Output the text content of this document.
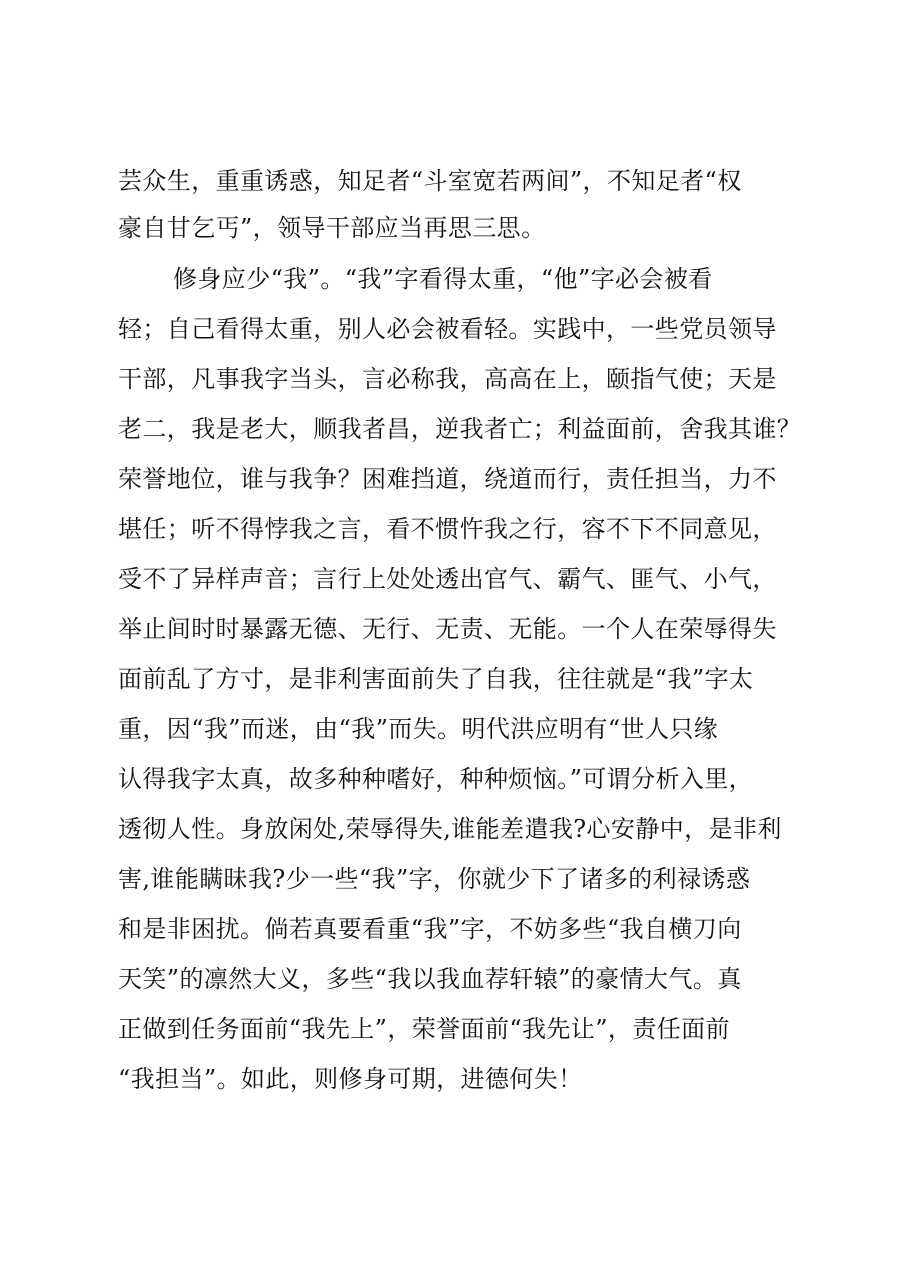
芸众生，重重诱惑，知足者“斗室宽若两间”，不知足者“权
豪自甘乞丐”，领导干部应当再思三思。
修身应少“我”。“我”字看得太重，“他”字必会被看
轻；自己看得太重，别人必会被看轻。实践中，一些党员领导
干部，凡事我字当头，言必称我，高高在上，颐指气使；天是
老二，我是老大，顺我者昌，逆我者亡；利益面前，舍我其谁？
荣誉地位，谁与我争？困难挡道，绕道而行，责任担当，力不
堪任；听不得悖我之言，看不惯忤我之行，容不下不同意见，
受不了异样声音；言行上处处透出官气、霸气、匪气、小气，
举止间时时暴露无德、无行、无责、无能。一个人在荣辱得失
面前乱了方寸，是非利害面前失了自我，往往就是“我”字太
重，因“我”而迷，由“我”而失。明代洪应明有“世人只缘
认得我字太真，故多种种嗜好，种种烦恼。”可谓分析入里，
透彻人性。身放闲处,荣辱得失,谁能差遣我?心安静中，是非利
害,谁能瞒昧我?少一些“我”字，你就少下了诸多的利禄诱惑
和是非困扰。倘若真要看重“我”字，不妨多些“我自横刀向
天笑”的凛然大义，多些“我以我血荐轩辕”的豪情大气。真
正做到任务面前“我先上”，荣誉面前“我先让”，责任面前
“我担当”。如此，则修身可期，进德何失！
